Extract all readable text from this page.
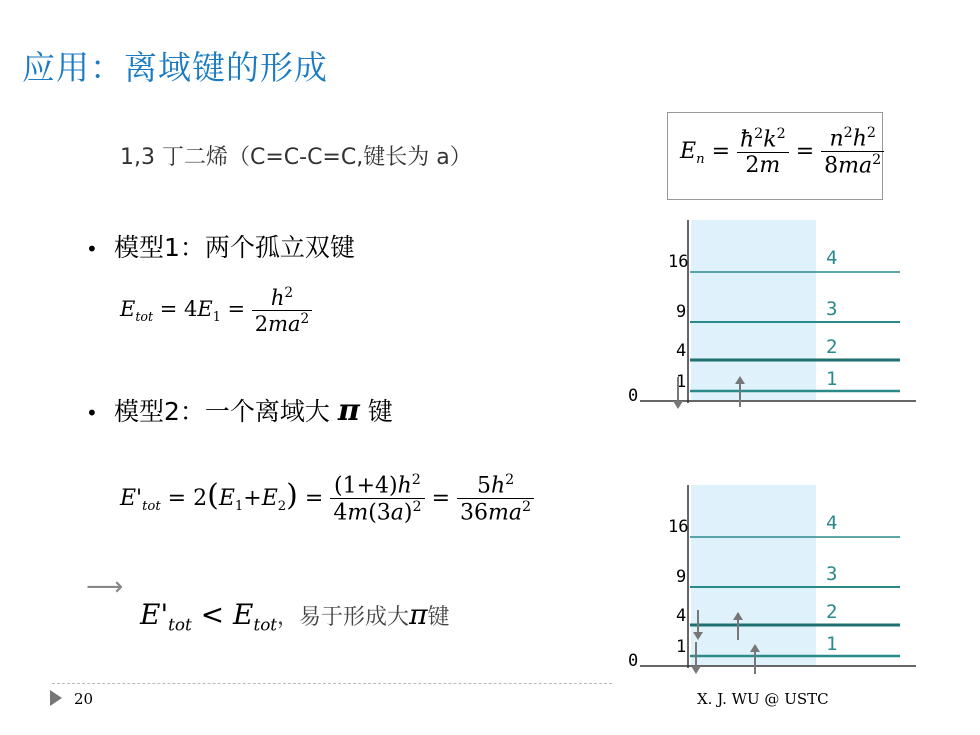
应用：离域键的形成
1,3 丁二烯（C=C-C=C,键长为 a）	$E_n = \frac{ħ^2k^2}{2m} = \frac{n^2h^2}{8ma^2}$
• 模型1：两个孤立双键
$E_{tot} = 4E_1 = \frac{h^2}{2ma^2}$
• 模型2：一个离域大 π 键
$E'_{tot} = 2(E_1+E_2) = \frac{(1+4)h^2}{4m(3a)^2} = \frac{5h^2}{36ma^2}$
⟶
$E'_{tot} < E_{tot}$，易于形成大π键
16
9
4
1
0
4
3
2
1
16
9
4
1
0
4
3
2
1
20	X. J. WU @ USTC
